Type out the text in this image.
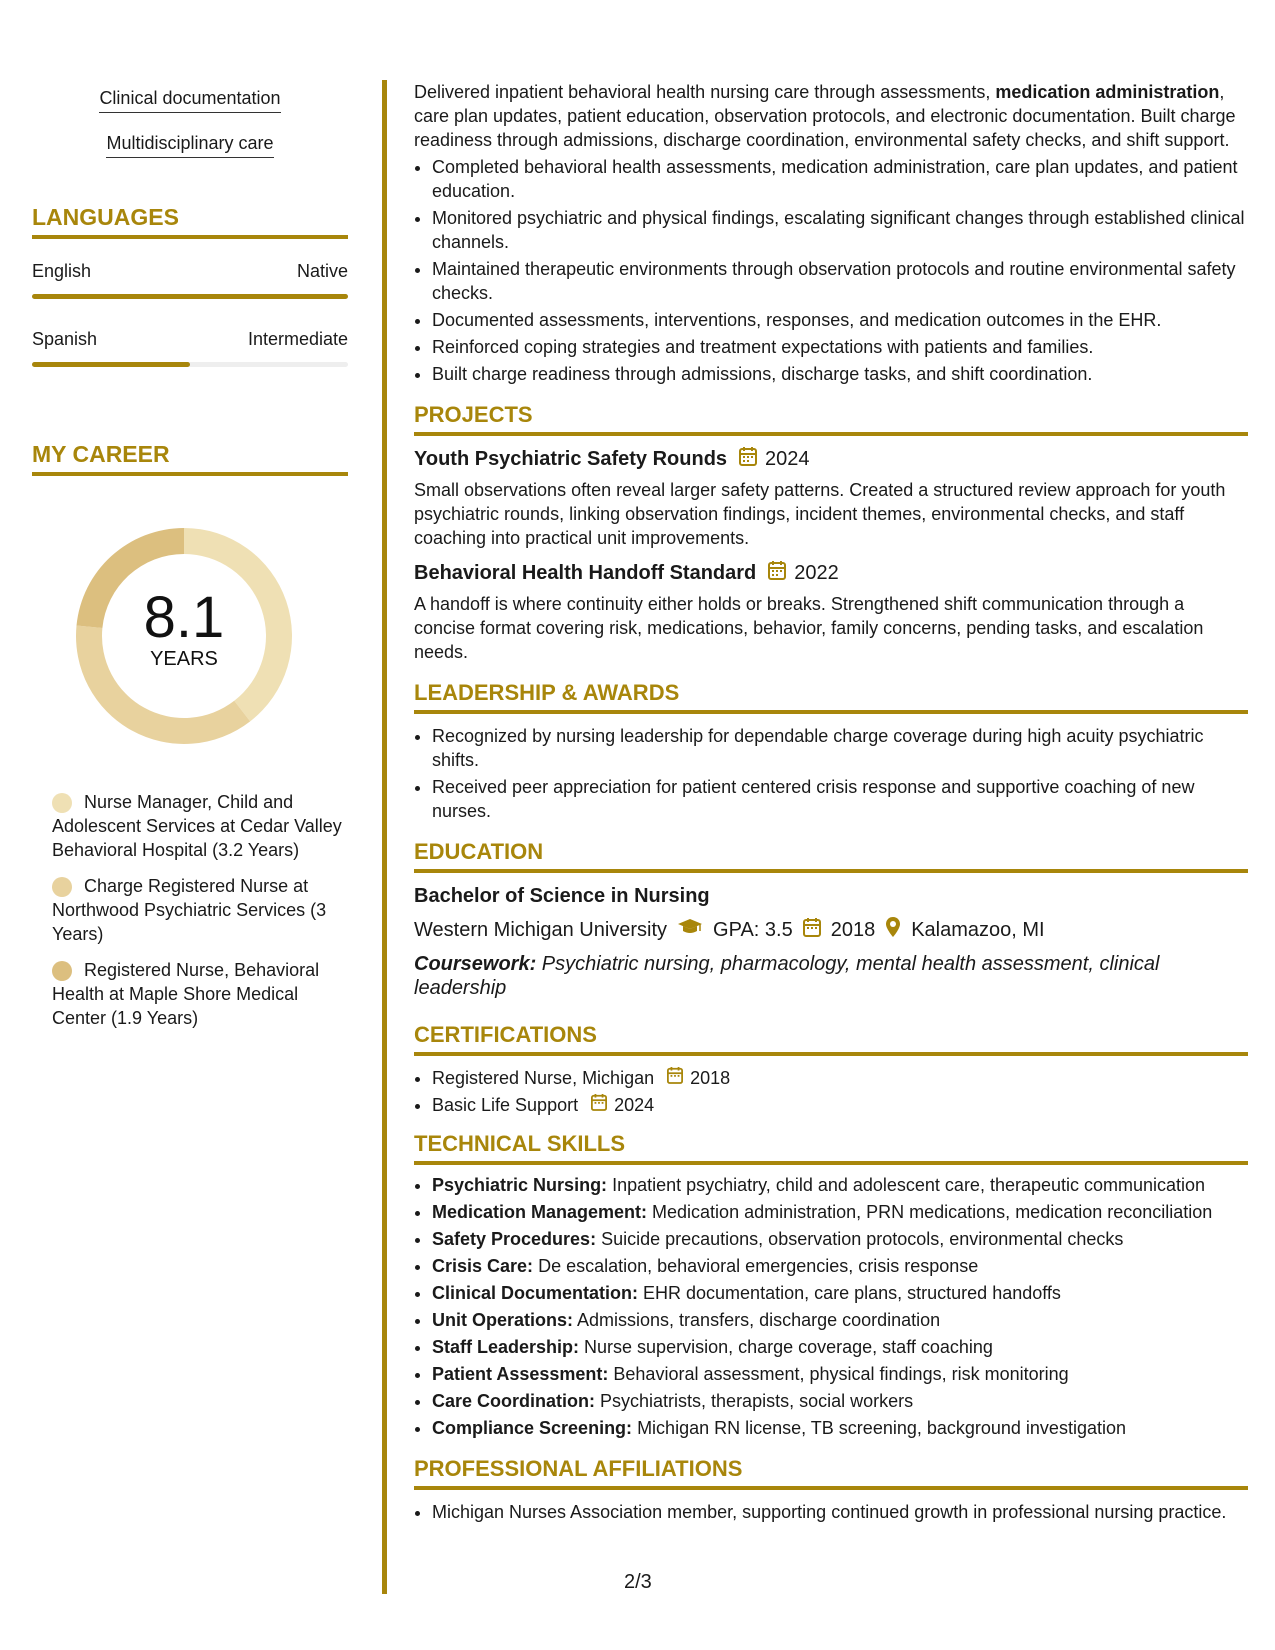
Clinical documentation
Multidisciplinary care
LANGUAGES
English	Native
Spanish	Intermediate
MY CAREER
8.1
YEARS
Nurse Manager, Child and Adolescent Services at Cedar Valley Behavioral Hospital (3.2 Years)
Charge Registered Nurse at Northwood Psychiatric Services (3 Years)
Registered Nurse, Behavioral Health at Maple Shore Medical Center (1.9 Years)

Delivered inpatient behavioral health nursing care through assessments, medication administration, care plan updates, patient education, observation protocols, and electronic documentation. Built charge readiness through admissions, discharge coordination, environmental safety checks, and shift support.

• Completed behavioral health assessments, medication administration, care plan updates, and patient education.
• Monitored psychiatric and physical findings, escalating significant changes through established clinical channels.
• Maintained therapeutic environments through observation protocols and routine environmental safety checks.
• Documented assessments, interventions, responses, and medication outcomes in the EHR.
• Reinforced coping strategies and treatment expectations with patients and families.
• Built charge readiness through admissions, discharge tasks, and shift coordination.
PROJECTS
Youth Psychiatric Safety Rounds 2024

Small observations often reveal larger safety patterns. Created a structured review approach for youth psychiatric rounds, linking observation findings, incident themes, environmental checks, and staff coaching into practical unit improvements.

Behavioral Health Handoff Standard 2022

A handoff is where continuity either holds or breaks. Strengthened shift communication through a concise format covering risk, medications, behavior, family concerns, pending tasks, and escalation needs.

LEADERSHIP & AWARDS
• Recognized by nursing leadership for dependable charge coverage during high acuity psychiatric shifts.
• Received peer appreciation for patient centered crisis response and supportive coaching of new nurses.
EDUCATION
Bachelor of Science in Nursing
Western Michigan University GPA: 3.5 2018 Kalamazoo, MI

Coursework: Psychiatric nursing, pharmacology, mental health assessment, clinical leadership

CERTIFICATIONS
• Registered Nurse, Michigan 2018
• Basic Life Support 2024
TECHNICAL SKILLS
• Psychiatric Nursing: Inpatient psychiatry, child and adolescent care, therapeutic communication
• Medication Management: Medication administration, PRN medications, medication reconciliation
• Safety Procedures: Suicide precautions, observation protocols, environmental checks
• Crisis Care: De escalation, behavioral emergencies, crisis response
• Clinical Documentation: EHR documentation, care plans, structured handoffs
• Unit Operations: Admissions, transfers, discharge coordination
• Staff Leadership: Nurse supervision, charge coverage, staff coaching
• Patient Assessment: Behavioral assessment, physical findings, risk monitoring
• Care Coordination: Psychiatrists, therapists, social workers
• Compliance Screening: Michigan RN license, TB screening, background investigation
PROFESSIONAL AFFILIATIONS
• Michigan Nurses Association member, supporting continued growth in professional nursing practice.
2/3
